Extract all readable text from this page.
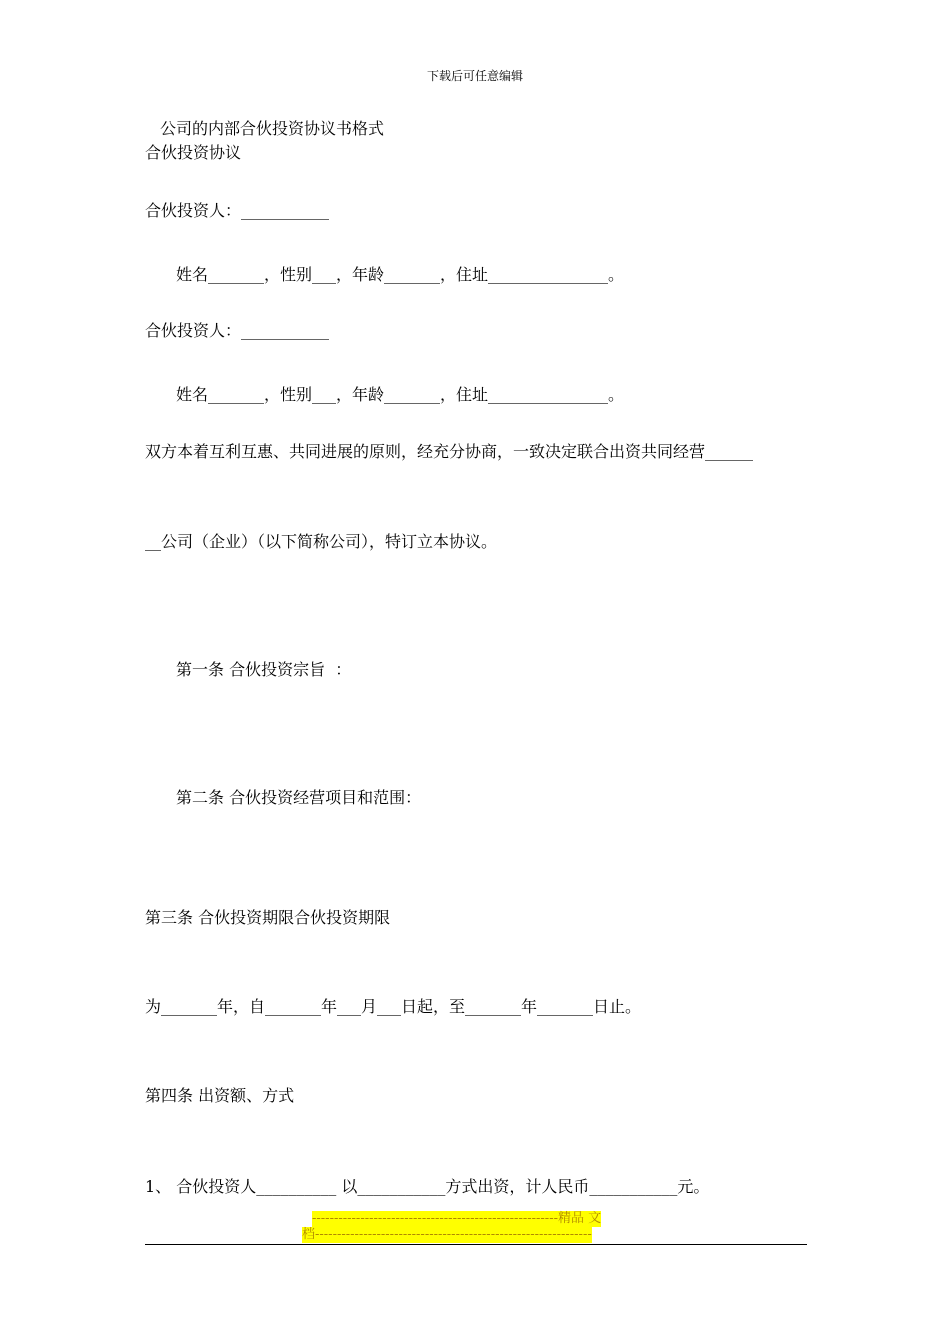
下载后可任意编辑
公司的内部合伙投资协议书格式
合伙投资协议
合伙投资人：___________
姓名_______，性别___，年龄_______，住址_______________。
合伙投资人：___________
姓名_______，性别___，年龄_______，住址_______________。
双方本着互利互惠、共同进展的原则，经充分协商，一致决定联合出资共同经营______
__公司（企业）（以下简称公司），特订立本协议。
第一条 合伙投资宗旨  ：
第二条 合伙投资经营项目和范围：
第三条 合伙投资期限合伙投资期限
为_______年，自_______年___月___日起，至_______年_______日止。
第四条 出资额、方式
1、 合伙投资人__________ 以___________方式出资，计人民币___________元。
--------------------------------------------------------精品 文
档---------------------------------------------------------------
